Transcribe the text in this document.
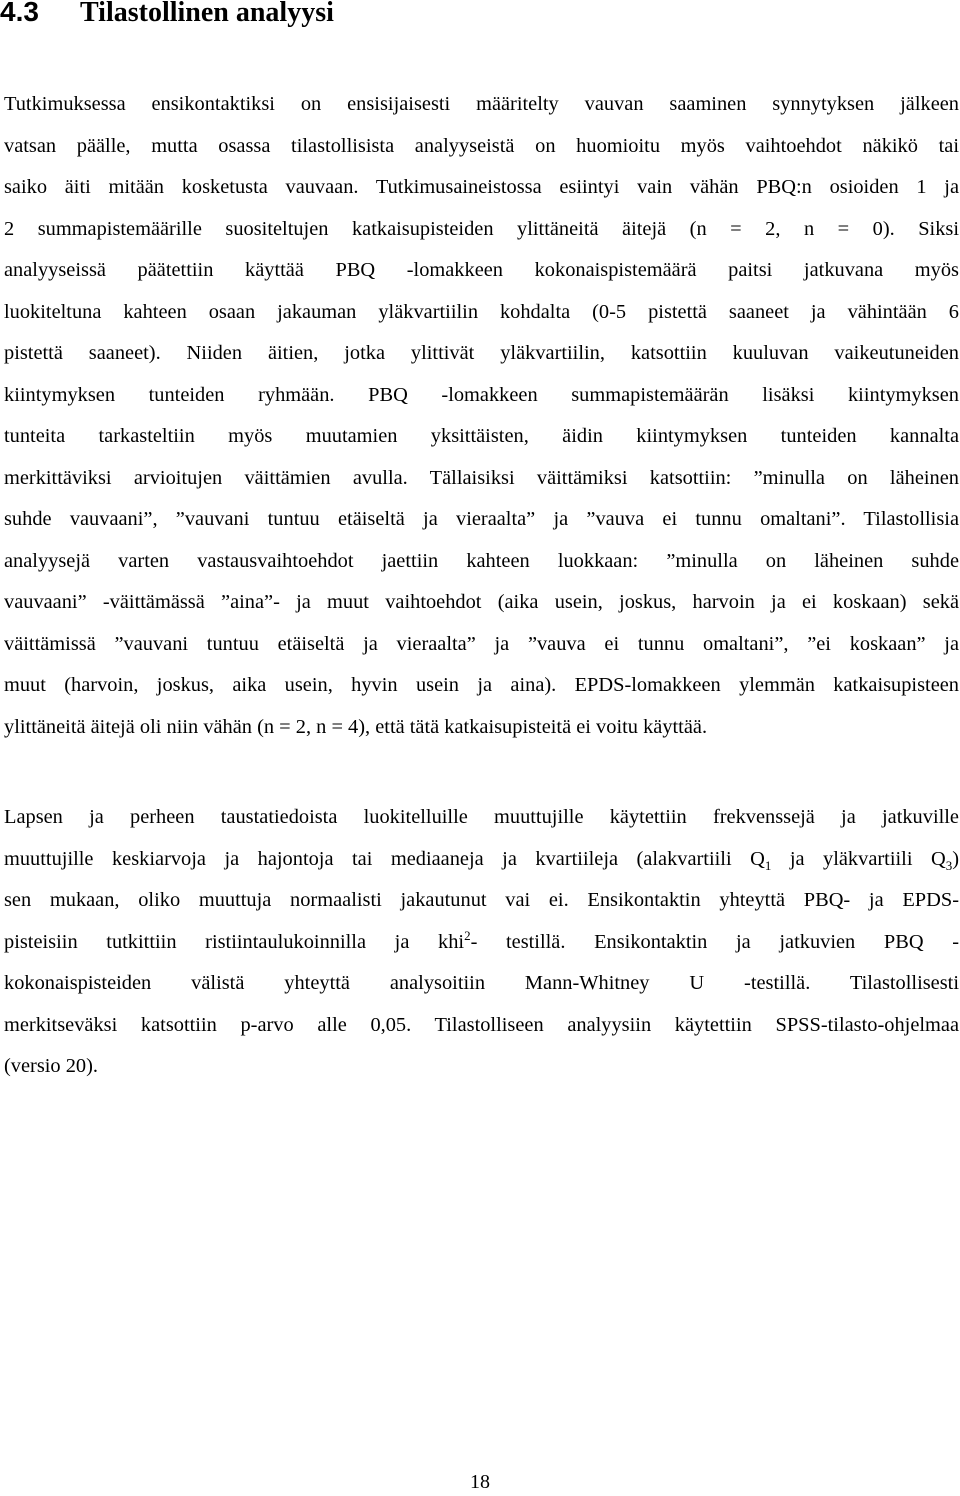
4.3 Tilastollinen analyysi

Tutkimuksessa ensikontaktiksi on ensisijaisesti määritelty vauvan saaminen synnytyksen jälkeen
vatsan päälle, mutta osassa tilastollisista analyyseistä on huomioitu myös vaihtoehdot näkikö tai
saiko äiti mitään kosketusta vauvaan. Tutkimusaineistossa esiintyi vain vähän PBQ:n osioiden 1 ja
2 summapistemäärille suositeltujen katkaisupisteiden ylittäneitä äitejä (n = 2, n = 0). Siksi
analyyseissä päätettiin käyttää PBQ -lomakkeen kokonaispistemäärä paitsi jatkuvana myös
luokiteltuna kahteen osaan jakauman yläkvartiilin kohdalta (0-5 pistettä saaneet ja vähintään 6
pistettä saaneet). Niiden äitien, jotka ylittivät yläkvartiilin, katsottiin kuuluvan vaikeutuneiden
kiintymyksen tunteiden ryhmään. PBQ -lomakkeen summapistemäärän lisäksi kiintymyksen
tunteita tarkasteltiin myös muutamien yksittäisten, äidin kiintymyksen tunteiden kannalta
merkittäviksi arvioitujen väittämien avulla. Tällaisiksi väittämiksi katsottiin: ”minulla on läheinen
suhde vauvaani”, ”vauvani tuntuu etäiseltä ja vieraalta” ja ”vauva ei tunnu omaltani”. Tilastollisia
analyysejä varten vastausvaihtoehdot jaettiin kahteen luokkaan: ”minulla on läheinen suhde
vauvaani” -väittämässä ”aina”- ja muut vaihtoehdot (aika usein, joskus, harvoin ja ei koskaan) sekä
väittämissä ”vauvani tuntuu etäiseltä ja vieraalta” ja ”vauva ei tunnu omaltani”, ”ei koskaan” ja
muut (harvoin, joskus, aika usein, hyvin usein ja aina). EPDS-lomakkeen ylemmän katkaisupisteen
ylittäneitä äitejä oli niin vähän (n = 2, n = 4), että tätä katkaisupisteitä ei voitu käyttää.

Lapsen ja perheen taustatiedoista luokitelluille muuttujille käytettiin frekvenssejä ja jatkuville
muuttujille keskiarvoja ja hajontoja tai mediaaneja ja kvartiileja (alakvartiili $Q_1$ ja yläkvartiili $Q_3$)
sen mukaan, oliko muuttuja normaalisti jakautunut vai ei. Ensikontaktin yhteyttä PBQ- ja EPDS-
pisteisiin tutkittiin ristiintaulukoinnilla ja khi$^2$- testillä. Ensikontaktin ja jatkuvien PBQ -
kokonaispisteiden välistä yhteyttä analysoitiin Mann-Whitney U -testillä. Tilastollisesti
merkitseväksi katsottiin p-arvo alle 0,05. Tilastolliseen analyysiin käytettiin SPSS-tilasto-ohjelmaa
(versio 20).

18
